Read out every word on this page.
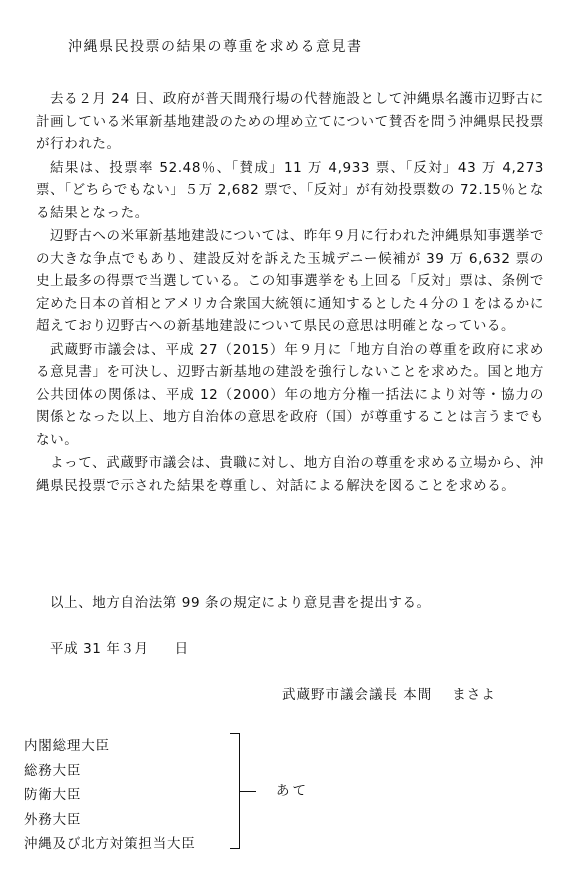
沖縄県民投票の結果の尊重を求める意見書

去る２月 24 日、政府が普天間飛行場の代替施設として沖縄県名護市辺野古に計画している米軍新基地建設のための埋め立てについて賛否を問う沖縄県民投票が行われた。

結果は、投票率 52.48％、「賛成」11 万 4,933 票、「反対」43 万 4,273 票、「どちらでもない」５万 2,682 票で、「反対」が有効投票数の 72.15％となる結果となった。

辺野古への米軍新基地建設については、昨年９月に行われた沖縄県知事選挙での大きな争点でもあり、建設反対を訴えた玉城デニー候補が 39 万 6,632 票の史上最多の得票で当選している。この知事選挙をも上回る「反対」票は、条例で定めた日本の首相とアメリカ合衆国大統領に通知するとした４分の１をはるかに超えており辺野古への新基地建設について県民の意思は明確となっている。

武蔵野市議会は、平成 27（2015）年９月に「地方自治の尊重を政府に求める意見書」を可決し、辺野古新基地の建設を強行しないことを求めた。国と地方公共団体の関係は、平成 12（2000）年の地方分権一括法により対等・協力の関係となった以上、地方自治体の意思を政府（国）が尊重することは言うまでもない。

よって、武蔵野市議会は、貴職に対し、地方自治の尊重を求める立場から、沖縄県民投票で示された結果を尊重し、対話による解決を図ることを求める。

以上、地方自治法第 99 条の規定により意見書を提出する。
平成 31 年３月 日
武蔵野市議会議長 本間 まさよ
内閣総理大臣
総務大臣
防衛大臣
外務大臣
沖縄及び北方対策担当大臣
あて
